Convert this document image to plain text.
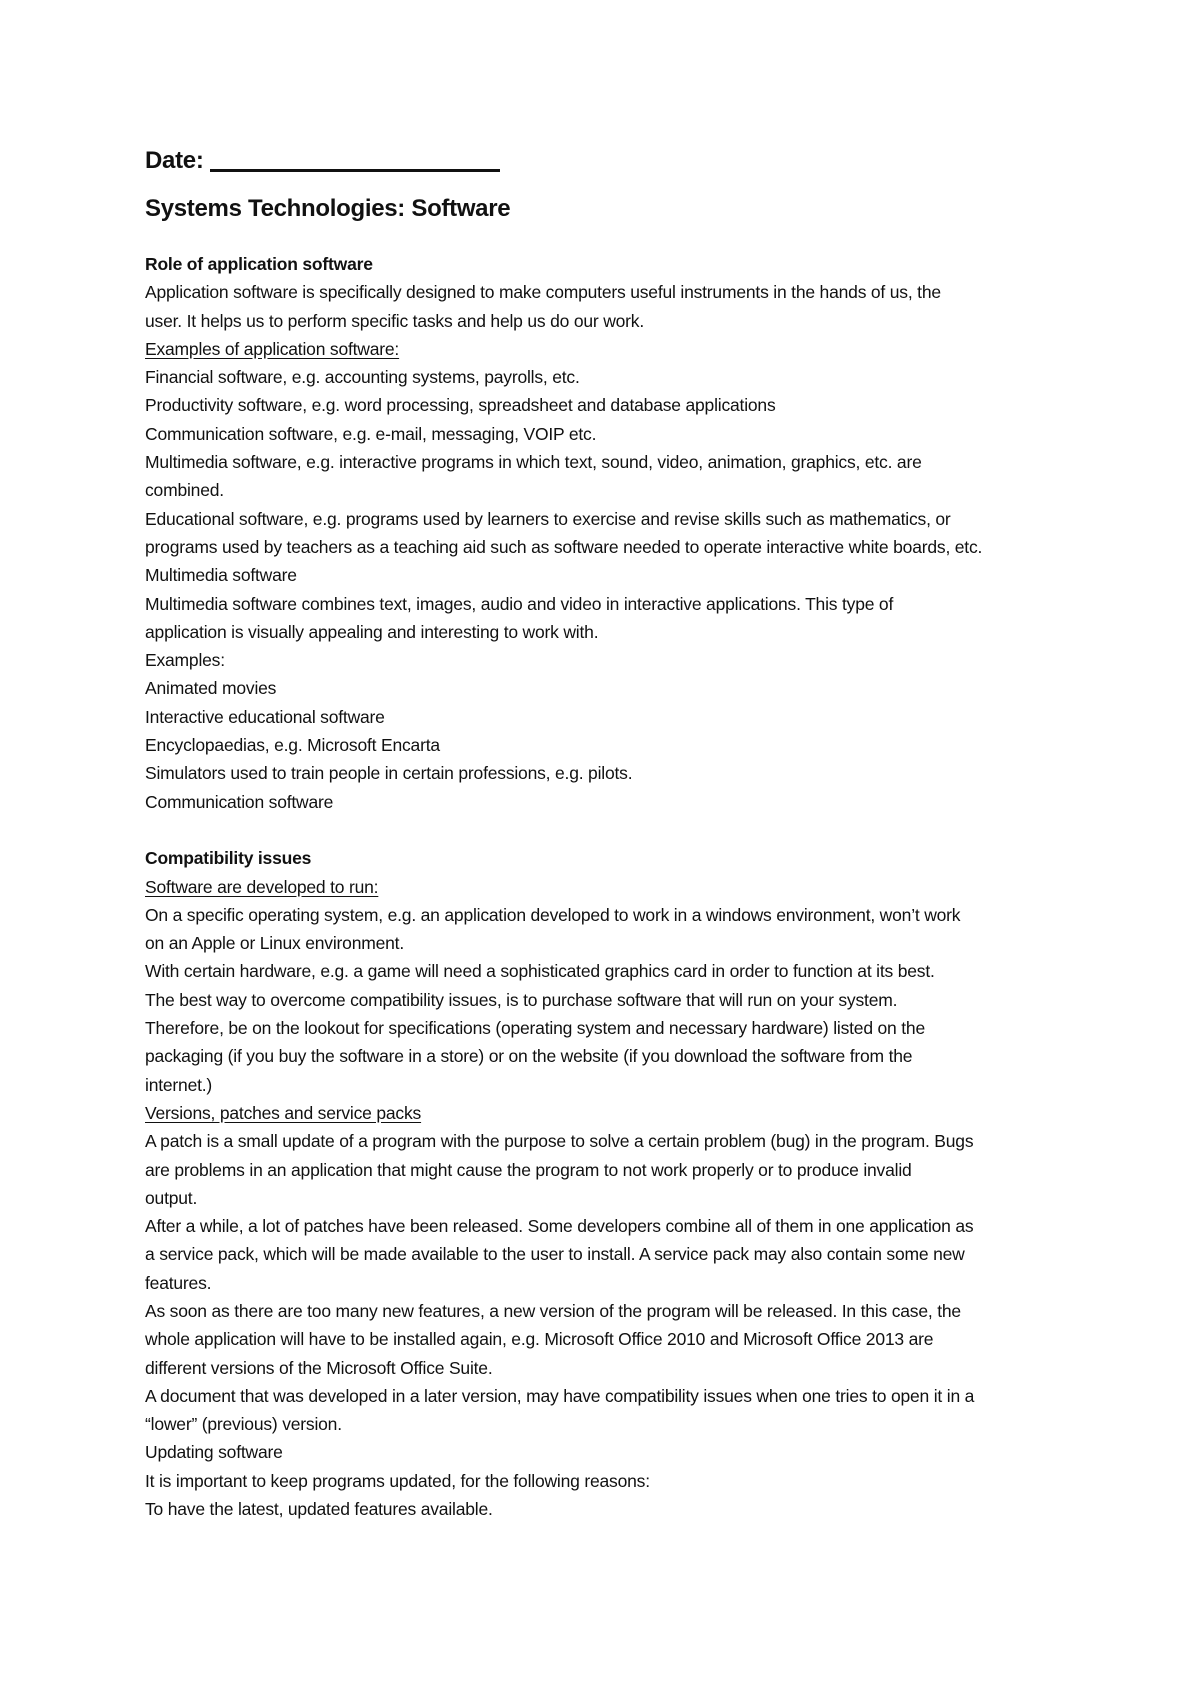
Date:
Systems Technologies: Software

Role of application software

Application software is specifically designed to make computers useful instruments in the hands of us, the

user. It helps us to perform specific tasks and help us do our work.

Examples of application software:

Financial software, e.g. accounting systems, payrolls, etc.

Productivity software, e.g. word processing, spreadsheet and database applications

Communication software, e.g. e-mail, messaging, VOIP etc.

Multimedia software, e.g. interactive programs in which text, sound, video, animation, graphics, etc. are

combined.

Educational software, e.g. programs used by learners to exercise and revise skills such as mathematics, or

programs used by teachers as a teaching aid such as software needed to operate interactive white boards, etc.

Multimedia software

Multimedia software combines text, images, audio and video in interactive applications. This type of

application is visually appealing and interesting to work with.

Examples:

Animated movies

Interactive educational software

Encyclopaedias, e.g. Microsoft Encarta

Simulators used to train people in certain professions, e.g. pilots.

Communication software

Compatibility issues

Software are developed to run:

On a specific operating system, e.g. an application developed to work in a windows environment, won’t work

on an Apple or Linux environment.

With certain hardware, e.g. a game will need a sophisticated graphics card in order to function at its best.

The best way to overcome compatibility issues, is to purchase software that will run on your system.

Therefore, be on the lookout for specifications (operating system and necessary hardware) listed on the

packaging (if you buy the software in a store) or on the website (if you download the software from the

internet.)

Versions, patches and service packs

A patch is a small update of a program with the purpose to solve a certain problem (bug) in the program. Bugs

are problems in an application that might cause the program to not work properly or to produce invalid

output.

After a while, a lot of patches have been released. Some developers combine all of them in one application as

a service pack, which will be made available to the user to install. A service pack may also contain some new

features.

As soon as there are too many new features, a new version of the program will be released. In this case, the

whole application will have to be installed again, e.g. Microsoft Office 2010 and Microsoft Office 2013 are

different versions of the Microsoft Office Suite.

A document that was developed in a later version, may have compatibility issues when one tries to open it in a

“lower” (previous) version.

Updating software

It is important to keep programs updated, for the following reasons:

To have the latest, updated features available.
